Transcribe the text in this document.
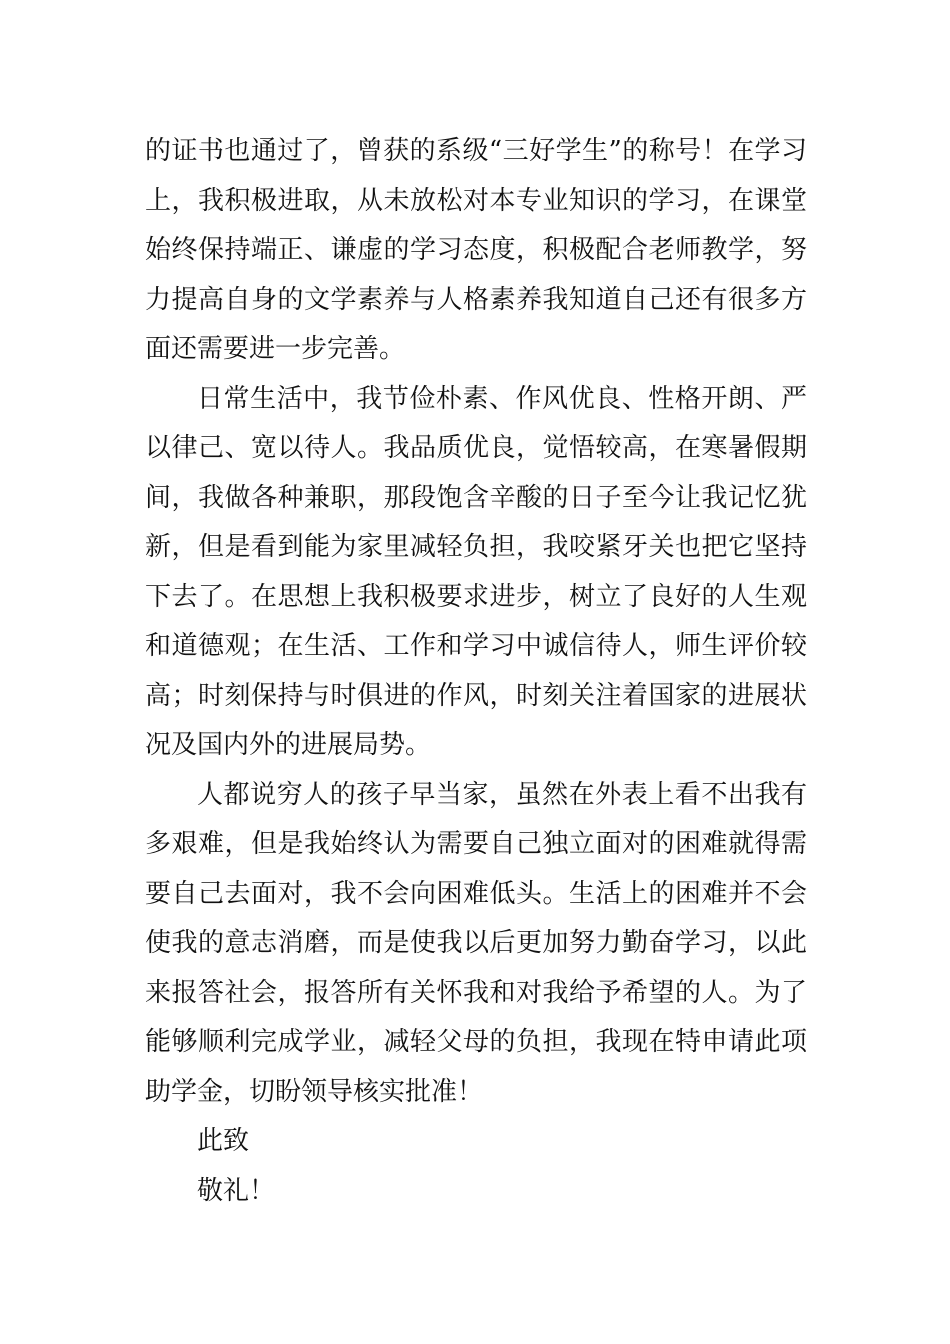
的证书也通过了，曾获的系级“三好学生”的称号！在学习上，我积极进取，从未放松对本专业知识的学习，在课堂始终保持端正、谦虚的学习态度，积极配合老师教学，努力提高自身的文学素养与人格素养我知道自己还有很多方面还需要进一步完善。

日常生活中，我节俭朴素、作风优良、性格开朗、严以律己、宽以待人。我品质优良，觉悟较高，在寒暑假期间，我做各种兼职，那段饱含辛酸的日子至今让我记忆犹新，但是看到能为家里减轻负担，我咬紧牙关也把它坚持下去了。在思想上我积极要求进步，树立了良好的人生观和道德观；在生活、工作和学习中诚信待人，师生评价较高；时刻保持与时俱进的作风，时刻关注着国家的进展状况及国内外的进展局势。

人都说穷人的孩子早当家，虽然在外表上看不出我有多艰难，但是我始终认为需要自己独立面对的困难就得需要自己去面对，我不会向困难低头。生活上的困难并不会使我的意志消磨，而是使我以后更加努力勤奋学习，以此来报答社会，报答所有关怀我和对我给予希望的人。为了能够顺利完成学业，减轻父母的负担，我现在特申请此项助学金，切盼领导核实批准！

此致

敬礼！
